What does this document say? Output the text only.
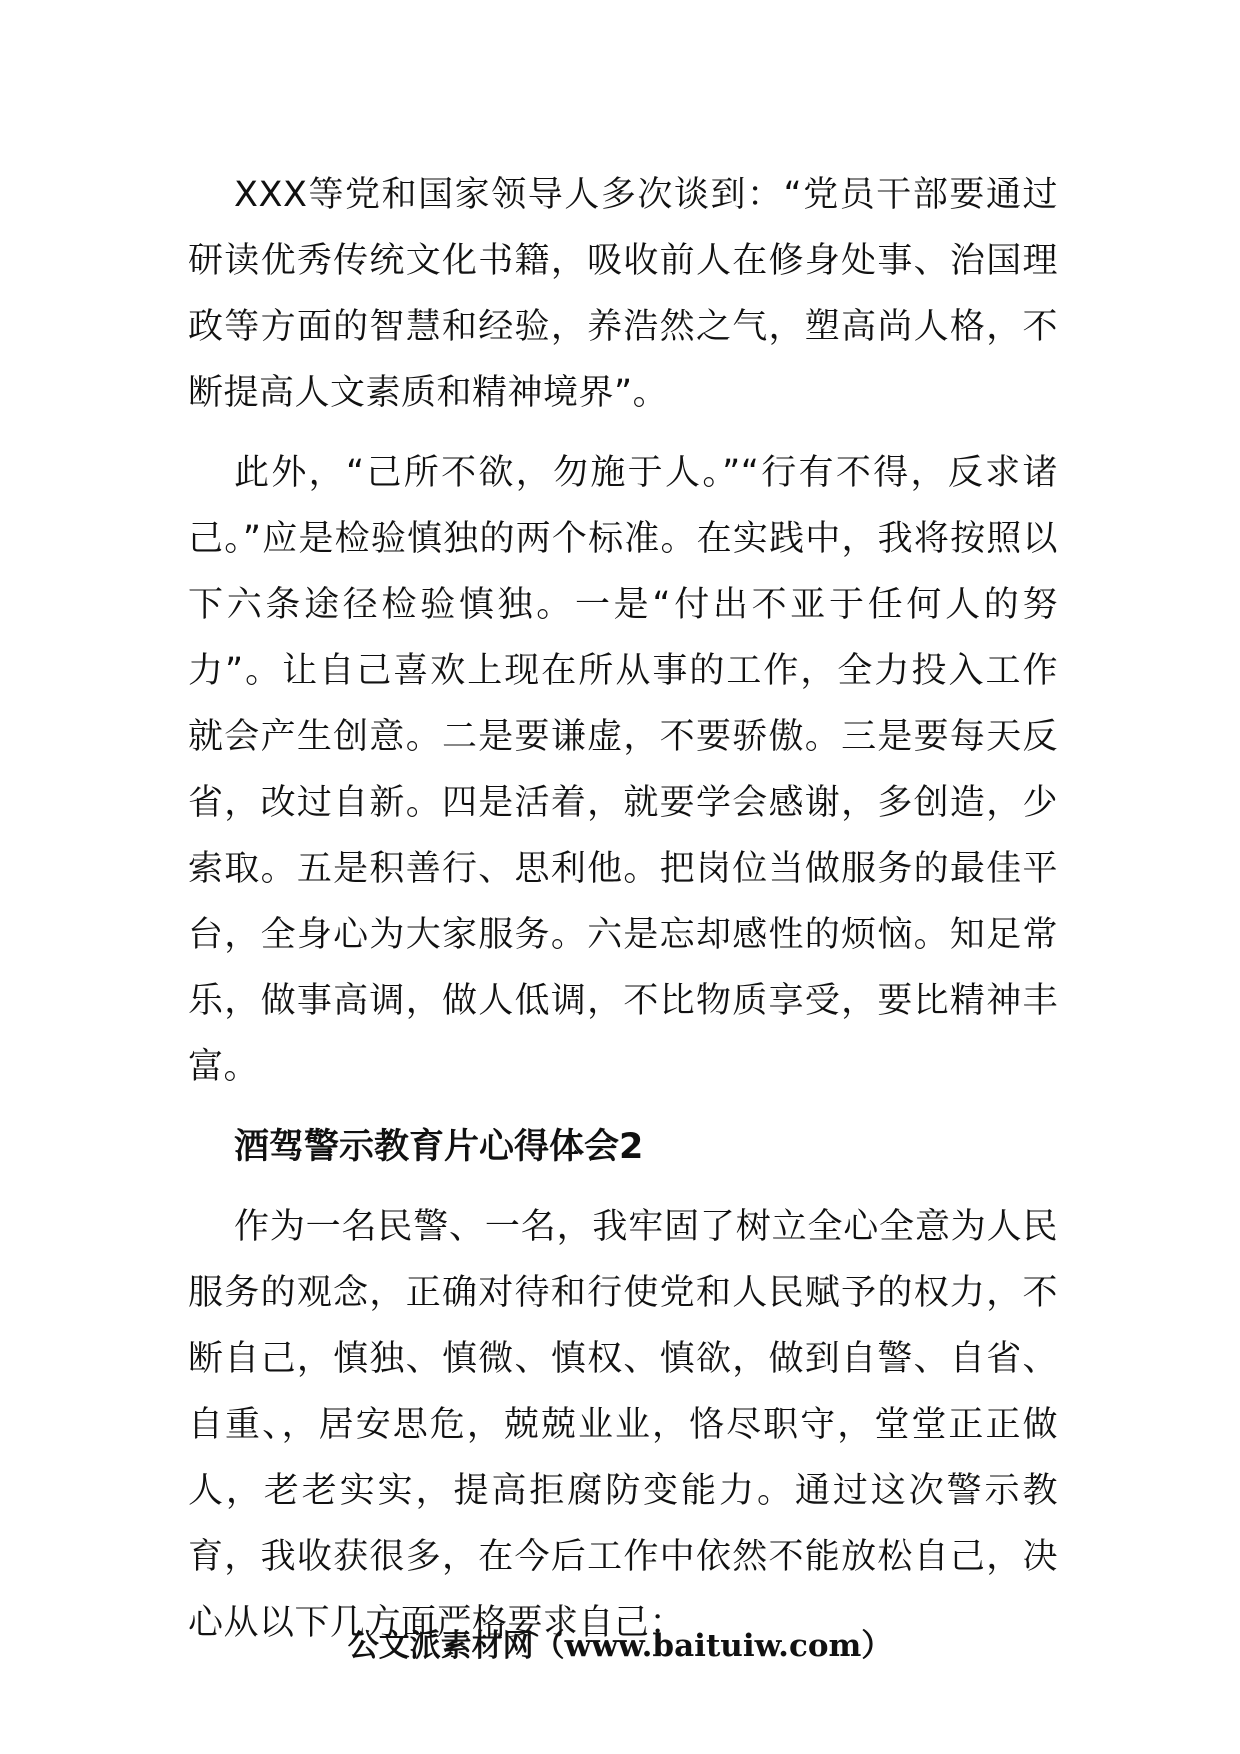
XXX等党和国家领导人多次谈到：“党员干部要通过研读优秀传统文化书籍，吸收前人在修身处事、治国理政等方面的智慧和经验，养浩然之气，塑高尚人格，不断提高人文素质和精神境界”。

此外，“己所不欲，勿施于人。”“行有不得，反求诸己。”应是检验慎独的两个标准。在实践中，我将按照以下六条途径检验慎独。一是“付出不亚于任何人的努力”。让自己喜欢上现在所从事的工作，全力投入工作就会产生创意。二是要谦虚，不要骄傲。三是要每天反省，改过自新。四是活着，就要学会感谢，多创造，少索取。五是积善行、思利他。把岗位当做服务的最佳平台，全身心为大家服务。六是忘却感性的烦恼。知足常乐，做事高调，做人低调，不比物质享受，要比精神丰富。

酒驾警示教育片心得体会2

作为一名民警、一名，我牢固了树立全心全意为人民服务的观念，正确对待和行使党和人民赋予的权力，不断自己，慎独、慎微、慎权、慎欲，做到自警、自省、自重、，居安思危，兢兢业业，恪尽职守，堂堂正正做人，老老实实，提高拒腐防变能力。通过这次警示教育，我收获很多，在今后工作中依然不能放松自己，决心从以下几方面严格要求自己：

公文派素材网（www.baituiw.com）
